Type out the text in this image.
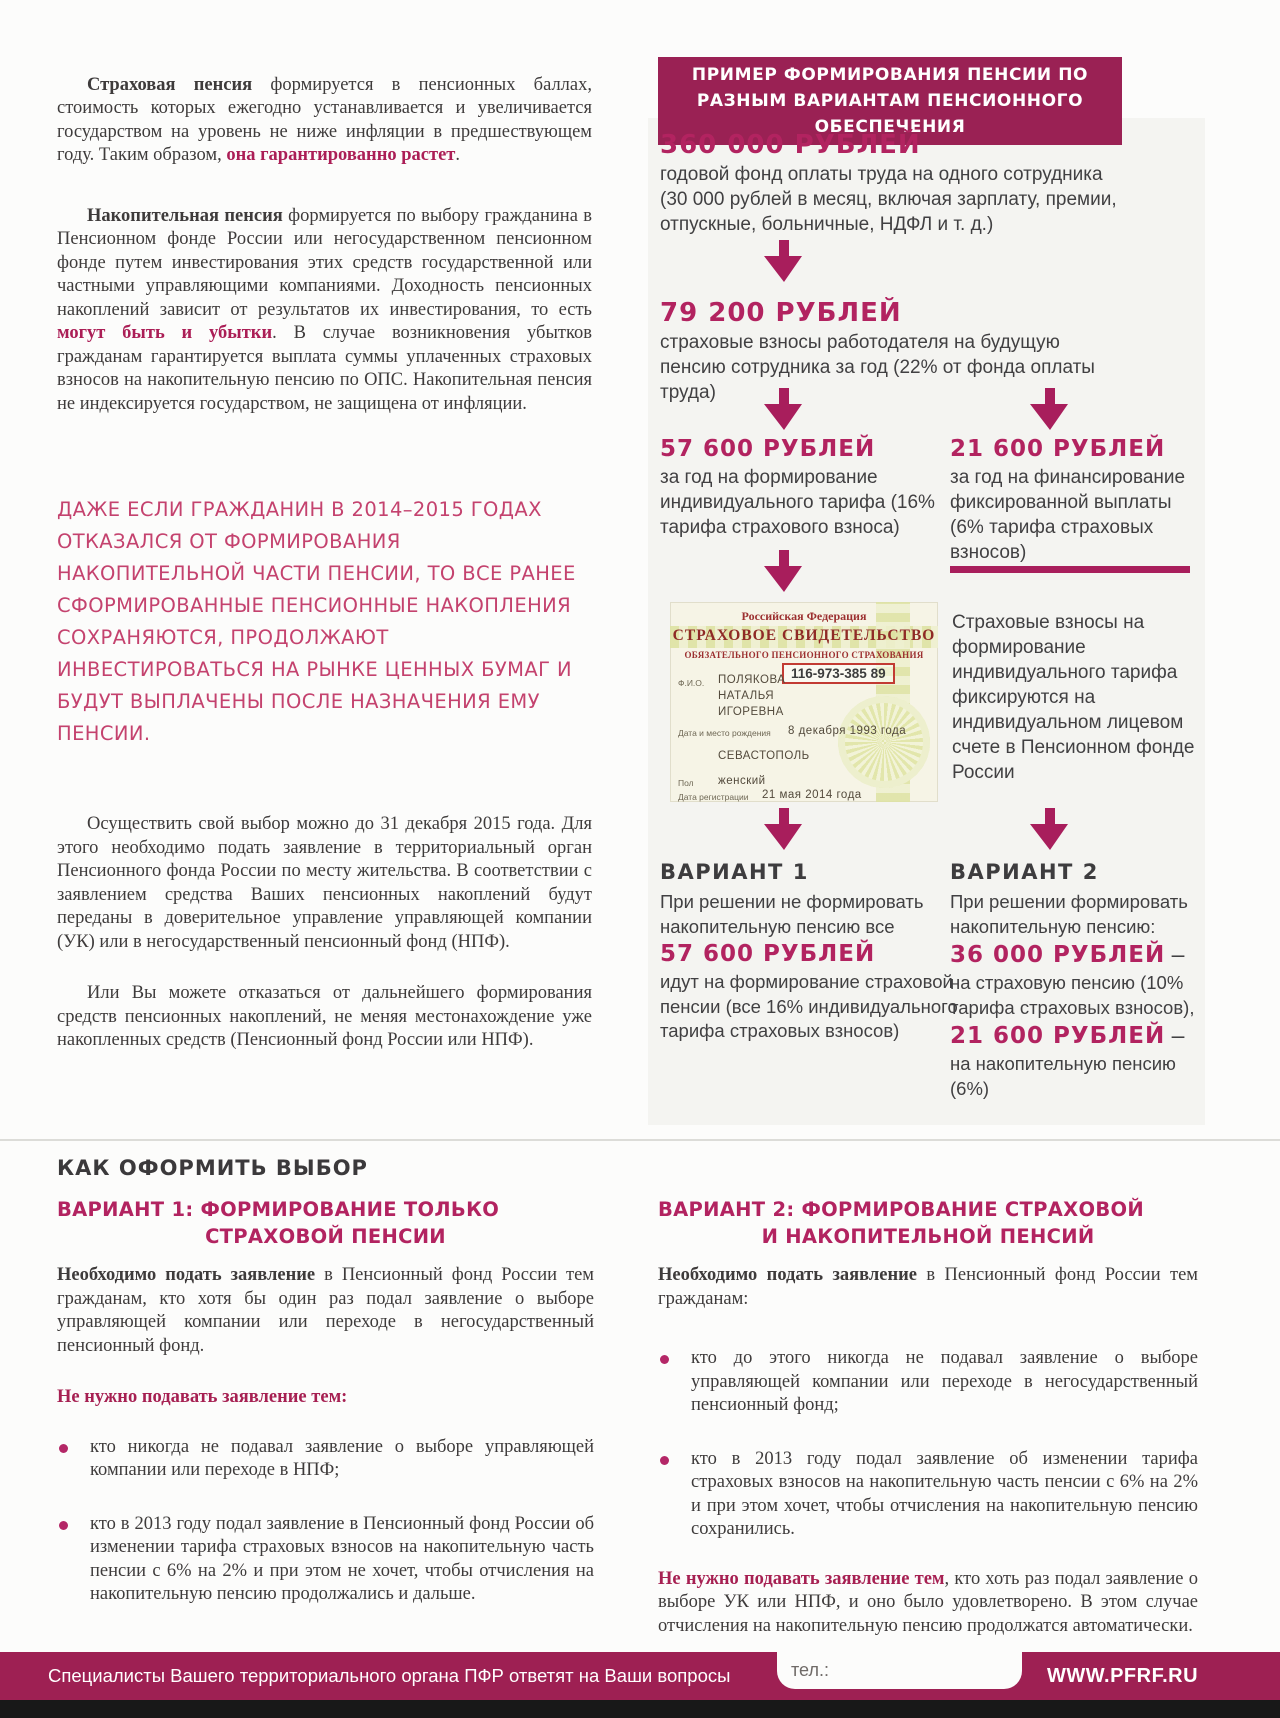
Страховая пенсия формируется в пенсионных баллах, стоимость которых ежегодно устанавливается и увеличивается государством на уровень не ниже инфляции в предшествующем году. Таким образом, она гарантированно растет.

Накопительная пенсия формируется по выбору гражданина в Пенсионном фонде России или негосударственном пенсионном фонде путем инвестирования этих средств государственной или частными управляющими компаниями. Доходность пенсионных накоплений зависит от результатов их инвестирования, то есть могут быть и убытки. В случае возникновения убытков гражданам гарантируется выплата суммы уплаченных страховых взносов на накопительную пенсию по ОПС. Накопительная пенсия не индексируется государством, не защищена от инфляции.

ДАЖЕ ЕСЛИ ГРАЖДАНИН В 2014–2015 ГОДАХ ОТКАЗАЛСЯ ОТ ФОРМИРОВАНИЯ НАКОПИТЕЛЬНОЙ ЧАСТИ ПЕНСИИ, ТО ВСЕ РАНЕЕ СФОРМИРОВАННЫЕ ПЕНСИОННЫЕ НАКОПЛЕНИЯ СОХРАНЯЮТСЯ, ПРОДОЛЖАЮТ ИНВЕСТИРОВАТЬСЯ НА РЫНКЕ ЦЕННЫХ БУМАГ И БУДУТ ВЫПЛАЧЕНЫ ПОСЛЕ НАЗНАЧЕНИЯ ЕМУ ПЕНСИИ.

Осуществить свой выбор можно до 31 декабря 2015 года. Для этого необходимо подать заявление в территориальный орган Пенсионного фонда России по месту жительства. В соответствии с заявлением средства Ваших пенсионных накоплений будут переданы в доверительное управление управляющей компании (УК) или в негосударственный пенсионный фонд (НПФ).

Или Вы можете отказаться от дальнейшего формирования средств пенсионных накоплений, не меняя местонахождение уже накопленных средств (Пенсионный фонд России или НПФ).

ПРИМЕР ФОРМИРОВАНИЯ ПЕНСИИ ПО РАЗНЫМ ВАРИАНТАМ ПЕНСИОННОГО ОБЕСПЕЧЕНИЯ
360 000 РУБЛЕЙ
годовой фонд оплаты труда на одного сотрудника (30 000 рублей в месяц, включая зарплату, премии, отпускные, больничные, НДФЛ и т. д.)
79 200 РУБЛЕЙ
страховые взносы работодателя на будущую пенсию сотрудника за год (22% от фонда оплаты труда)
57 600 РУБЛЕЙ
за год на формирование индивидуального тарифа (16% тарифа страхового взноса)
21 600 РУБЛЕЙ
за год на финансирование фиксированной выплаты (6% тарифа страховых взносов)
Российская Федерация
СТРАХОВОЕ СВИДЕТЕЛЬСТВО
ОБЯЗАТЕЛЬНОГО ПЕНСИОННОГО СТРАХОВАНИЯ
116-973-385 89
Ф.И.О. ПОЛЯКОВА
НАТАЛЬЯ
ИГОРЕВНА
Дата и место рождения 8 декабря 1993 года
СЕВАСТОПОЛЬ
Пол женский
Дата регистрации 21 мая 2014 года
Страховые взносы на формирование индивидуального тарифа фиксируются на индивидуальном лицевом счете в Пенсионном фонде России
ВАРИАНТ 1
При решении не формировать накопительную пенсию все
57 600 РУБЛЕЙ
идут на формирование страховой пенсии (все 16% индивидуального тарифа страховых взносов)
ВАРИАНТ 2
При решении формировать накопительную пенсию:
36 000 РУБЛЕЙ –
на страховую пенсию (10% тарифа страховых взносов),
21 600 РУБЛЕЙ –
на накопительную пенсию (6%)
КАК ОФОРМИТЬ ВЫБОР
ВАРИАНТ 1: ФОРМИРОВАНИЕ ТОЛЬКО
СТРАХОВОЙ ПЕНСИИ

Необходимо подать заявление в Пенсионный фонд России тем гражданам, кто хотя бы один раз подал заявление о выборе управляющей компании или переходе в негосударственный пенсионный фонд.

Не нужно подавать заявление тем:
кто никогда не подавал заявление о выборе управляющей компании или переходе в НПФ;
кто в 2013 году подал заявление в Пенсионный фонд России об изменении тарифа страховых взносов на накопительную часть пенсии с 6% на 2% и при этом не хочет, чтобы отчисления на накопительную пенсию продолжались и дальше.
ВАРИАНТ 2: ФОРМИРОВАНИЕ СТРАХОВОЙ
И НАКОПИТЕЛЬНОЙ ПЕНСИЙ

Необходимо подать заявление в Пенсионный фонд России тем гражданам:

кто до этого никогда не подавал заявление о выборе управляющей компании или переходе в негосударственный пенсионный фонд;
кто в 2013 году подал заявление об изменении тарифа страховых взносов на накопительную часть пенсии с 6% на 2% и при этом хочет, чтобы отчисления на накопительную пенсию сохранились.

Не нужно подавать заявление тем, кто хоть раз подал заявление о выборе УК или НПФ, и оно было удовлетворено. В этом случае отчисления на накопительную пенсию продолжатся автоматически.

Специалисты Вашего территориального органа ПФР ответят на Ваши вопросы	тел.:	WWW.PFRF.RU
